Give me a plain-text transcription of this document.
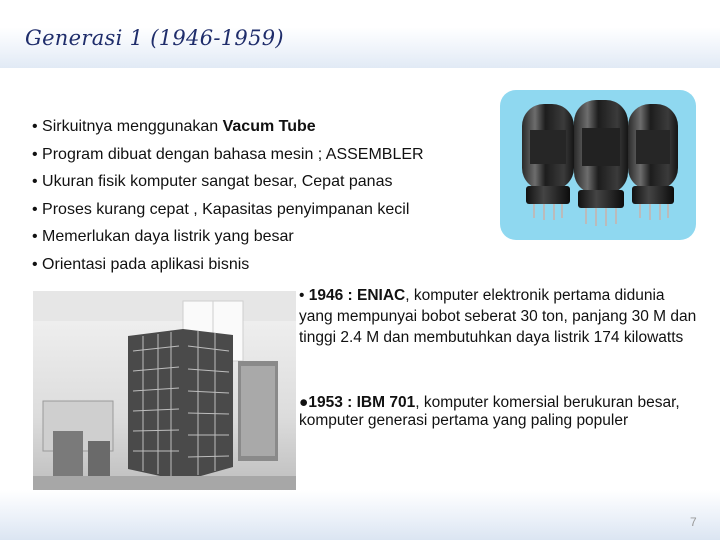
Generasi 1 (1946-1959)
• Sirkuitnya menggunakan Vacum Tube
• Program dibuat dengan bahasa mesin ; ASSEMBLER
• Ukuran fisik komputer sangat besar, Cepat panas
• Proses kurang cepat , Kapasitas penyimpanan kecil
• Memerlukan daya listrik yang besar
• Orientasi pada aplikasi bisnis

• 1946 : ENIAC, komputer elektronik pertama didunia yang mempunyai bobot seberat 30 ton, panjang 30 M dan tinggi 2.4 M dan membutuhkan daya listrik 174 kilowatts

●1953 : IBM 701, komputer komersial berukuran besar, komputer generasi pertama yang paling populer

7
